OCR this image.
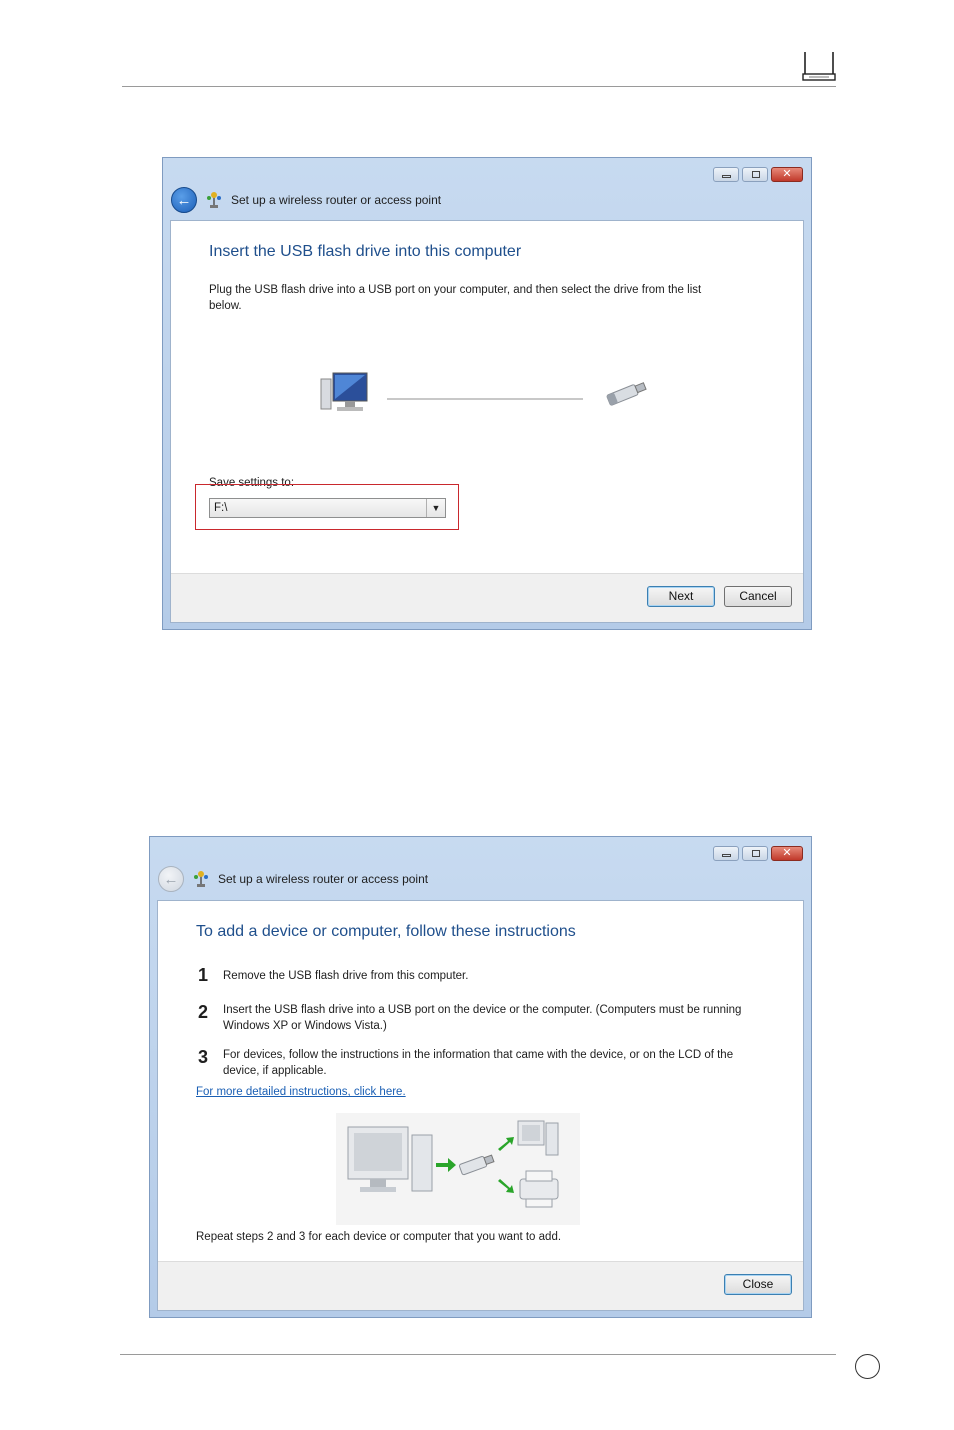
✕
←	Set up a wireless router or access point
Insert the USB flash drive into this computer
Plug the USB flash drive into a USB port on your computer, and then select the drive from the list below.
Save settings to:
F:\	▼
Next	Cancel
✕
←	Set up a wireless router or access point
To add a device or computer, follow these instructions
1 Remove the USB flash drive from this computer.
2 Insert the USB flash drive into a USB port on the device or the computer. (Computers must be running Windows XP or Windows Vista.)
3 For devices, follow the instructions in the information that came with the device, or on the LCD of the device, if applicable.
For more detailed instructions, click here.
Repeat steps 2 and 3 for each device or computer that you want to add.
Close
